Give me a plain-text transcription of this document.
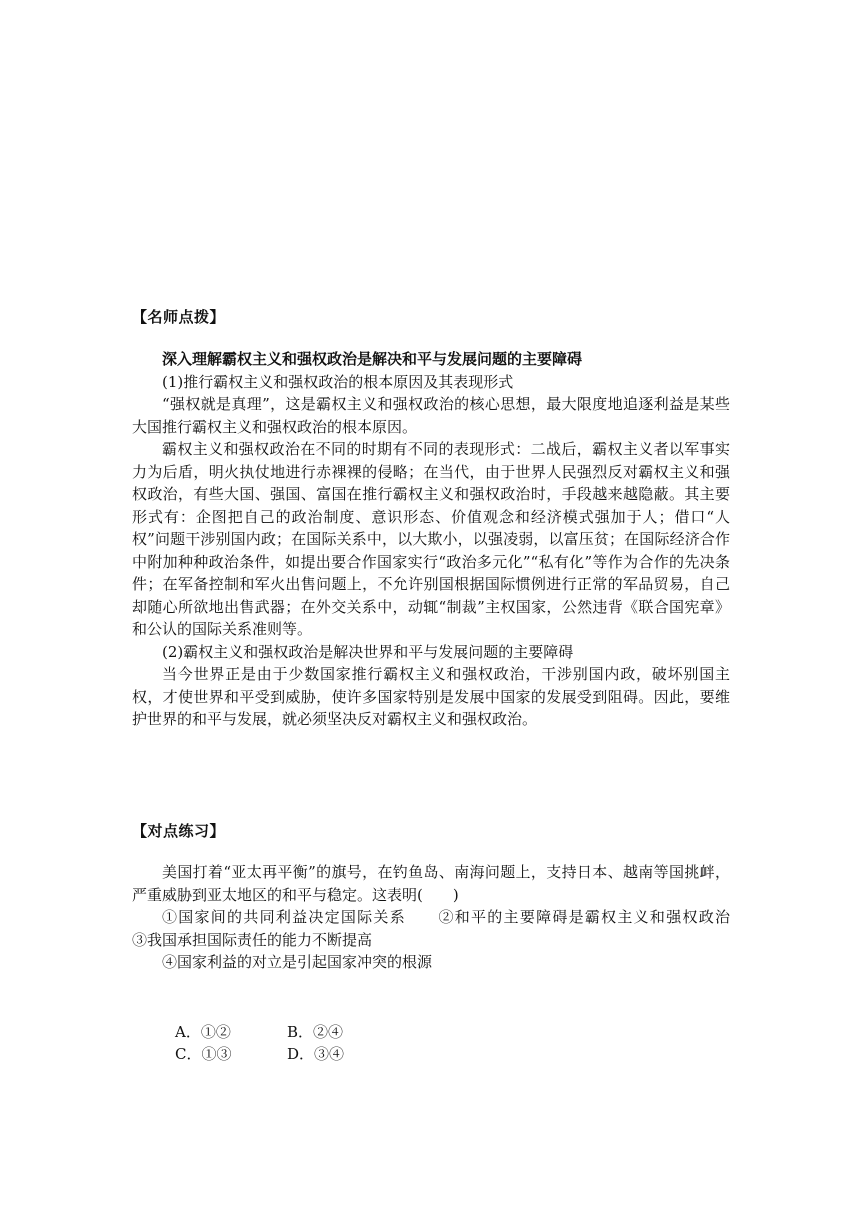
【名师点拨】

深入理解霸权主义和强权政治是解决和平与发展问题的主要障碍

(1)推行霸权主义和强权政治的根本原因及其表现形式

“强权就是真理”，这是霸权主义和强权政治的核心思想，最大限度地追逐利益是某些大国推行霸权主义和强权政治的根本原因。

霸权主义和强权政治在不同的时期有不同的表现形式：二战后，霸权主义者以军事实力为后盾，明火执仗地进行赤裸裸的侵略；在当代，由于世界人民强烈反对霸权主义和强权政治，有些大国、强国、富国在推行霸权主义和强权政治时，手段越来越隐蔽。其主要形式有：企图把自己的政治制度、意识形态、价值观念和经济模式强加于人；借口“人权”问题干涉别国内政；在国际关系中，以大欺小，以强凌弱，以富压贫；在国际经济合作中附加种种政治条件，如提出要合作国家实行“政治多元化”“私有化”等作为合作的先决条件；在军备控制和军火出售问题上，不允许别国根据国际惯例进行正常的军品贸易，自己却随心所欲地出售武器；在外交关系中，动辄“制裁”主权国家，公然违背《联合国宪章》和公认的国际关系准则等。

(2)霸权主义和强权政治是解决世界和平与发展问题的主要障碍

当今世界正是由于少数国家推行霸权主义和强权政治，干涉别国内政，破坏别国主权，才使世界和平受到威胁，使许多国家特别是发展中国家的发展受到阻碍。因此，要维护世界的和平与发展，就必须坚决反对霸权主义和强权政治。

【对点练习】

美国打着“亚太再平衡”的旗号，在钓鱼岛、南海问题上，支持日本、越南等国挑衅，严重威胁到亚太地区的和平与稳定。这表明(　　)

①国家间的共同利益决定国际关系　　②和平的主要障碍是霸权主义和强权政治　　③我国承担国际责任的能力不断提高

④国家利益的对立是引起国家冲突的根源

A．①②	B．②④
C．①③	D．③④
